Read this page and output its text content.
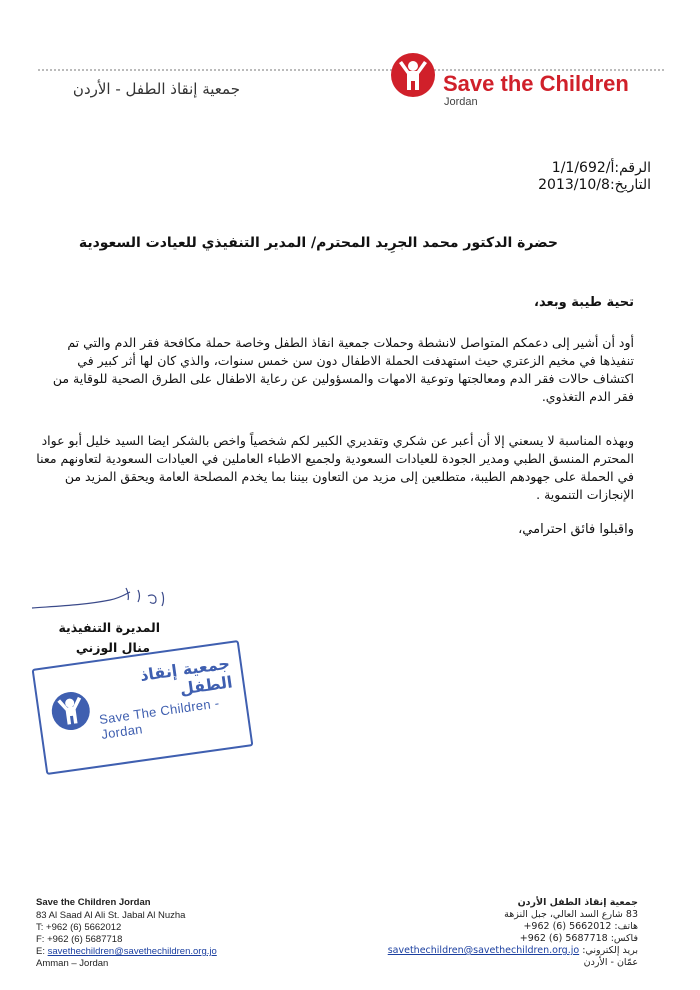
جمعية إنقاذ الطفل - الأردن	Save the Children
Jordan
الرقم:أ/1/1/692
التاريخ:2013/10/8
حضرة الدكتور محمد الجرِيد المحترم/ المدير التنفيذي للعيادت السعودية
تحية طيبة وبعد،
أود أن أشير إلى دعمكم المتواصل لانشطة وحملات جمعية انقاذ الطفل وخاصة حملة مكافحة فقر الدم والتي تم تنفيذها في مخيم الزعتري حيث استهدفت الحملة الاطفال دون سن خمس سنوات، والذي كان لها أثر كبير في اكتشاف حالات فقر الدم ومعالجتها وتوعية الامهات والمسؤولين عن رعاية الاطفال على الطرق الصحية للوقاية من فقر الدم التغذوي.
وبهذه المناسبة لا يسعني إلا أن أعبر عن شكري وتقديري الكبير لكم شخصياً واخص بالشكر ايضا السيد خليل أبو عواد المحترم المنسق الطبي ومدير الجودة للعيادات السعودية ولجميع الاطباء العاملين في العيادات السعودية لتعاونهم معنا في الحملة على جهودهم الطيبة، متطلعين إلى مزيد من التعاون بيننا بما يخدم المصلحة العامة ويحقق المزيد من الإنجازات التنموية .
واقبلوا فائق احترامي،
المديرة التنفيذية
منال الوزني
جمعية إنقاذ الطفل
Save The Children - Jordan
Save the Children Jordan
83 Al Saad Al Ali St. Jabal Al Nuzha
T: +962 (6) 5662012
F: +962 (6) 5687718
E: savethechildren@savethechildren.org.jo
Amman – Jordan
جمعية إنقاذ الطفل الأردن
83 شارع السد العالي، جبل النزهة
هاتف: 5662012 (6) 962+
فاكس: 5687718 (6) 962+
بريد إلكتروني: savethechildren@savethechildren.org.jo
عمّان - الأردن
